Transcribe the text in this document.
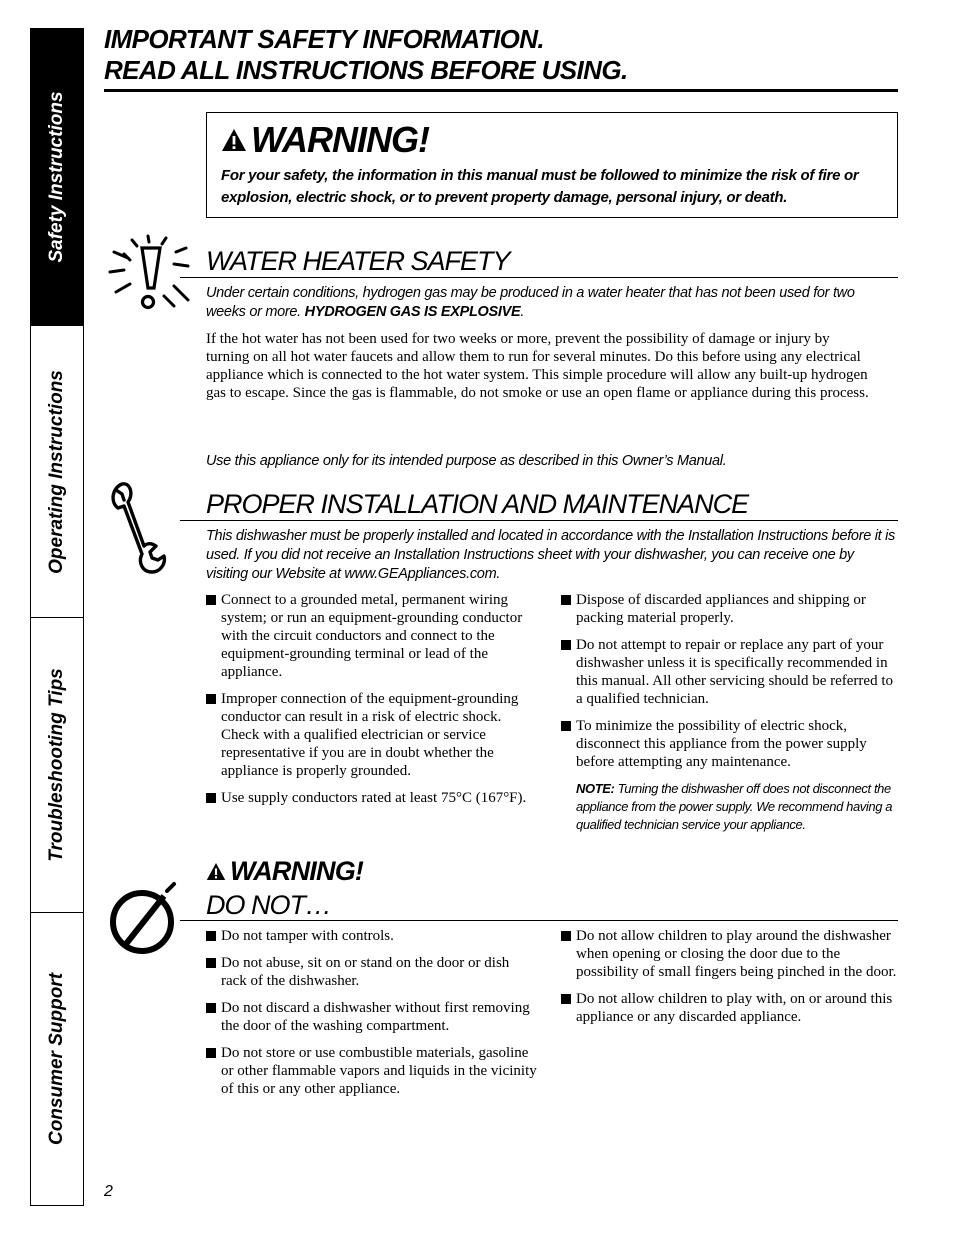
Safety Instructions
Operating Instructions
Troubleshooting Tips
Consumer Support
IMPORTANT SAFETY INFORMATION.
READ ALL INSTRUCTIONS BEFORE USING.
WARNING!
For your safety, the information in this manual must be followed to minimize the risk of fire or explosion, electric shock, or to prevent property damage, personal injury, or death.
WATER HEATER SAFETY
Under certain conditions, hydrogen gas may be produced in a water heater that has not been used for two weeks or more. HYDROGEN GAS IS EXPLOSIVE.
If the hot water has not been used for two weeks or more, prevent the possibility of damage or injury by turning on all hot water faucets and allow them to run for several minutes. Do this before using any electrical appliance which is connected to the hot water system. This simple procedure will allow any built-up hydrogen gas to escape. Since the gas is flammable, do not smoke or use an open flame or appliance during this process.
Use this appliance only for its intended purpose as described in this Owner’s Manual.
PROPER INSTALLATION AND MAINTENANCE
This dishwasher must be properly installed and located in accordance with the Installation Instructions before it is used. If you did not receive an Installation Instructions sheet with your dishwasher, you can receive one by visiting our Website at www.GEAppliances.com.
Connect to a grounded metal, permanent wiring system; or run an equipment-grounding conductor with the circuit conductors and connect to the equipment-grounding terminal or lead of the appliance.
Improper connection of the equipment-grounding conductor can result in a risk of electric shock. Check with a qualified electrician or service representative if you are in doubt whether the appliance is properly grounded.
Use supply conductors rated at least 75°C (167°F).
Dispose of discarded appliances and shipping or packing material properly.
Do not attempt to repair or replace any part of your dishwasher unless it is specifically recommended in this manual. All other servicing should be referred to a qualified technician.
To minimize the possibility of electric shock, disconnect this appliance from the power supply before attempting any maintenance.
NOTE: Turning the dishwasher off does not disconnect the appliance from the power supply. We recommend having a qualified technician service your appliance.
WARNING!
DO NOT…
Do not tamper with controls.
Do not abuse, sit on or stand on the door or dish rack of the dishwasher.
Do not discard a dishwasher without first removing the door of the washing compartment.
Do not store or use combustible materials, gasoline or other flammable vapors and liquids in the vicinity of this or any other appliance.
Do not allow children to play around the dishwasher when opening or closing the door due to the possibility of small fingers being pinched in the door.
Do not allow children to play with, on or around this appliance or any discarded appliance.
2
